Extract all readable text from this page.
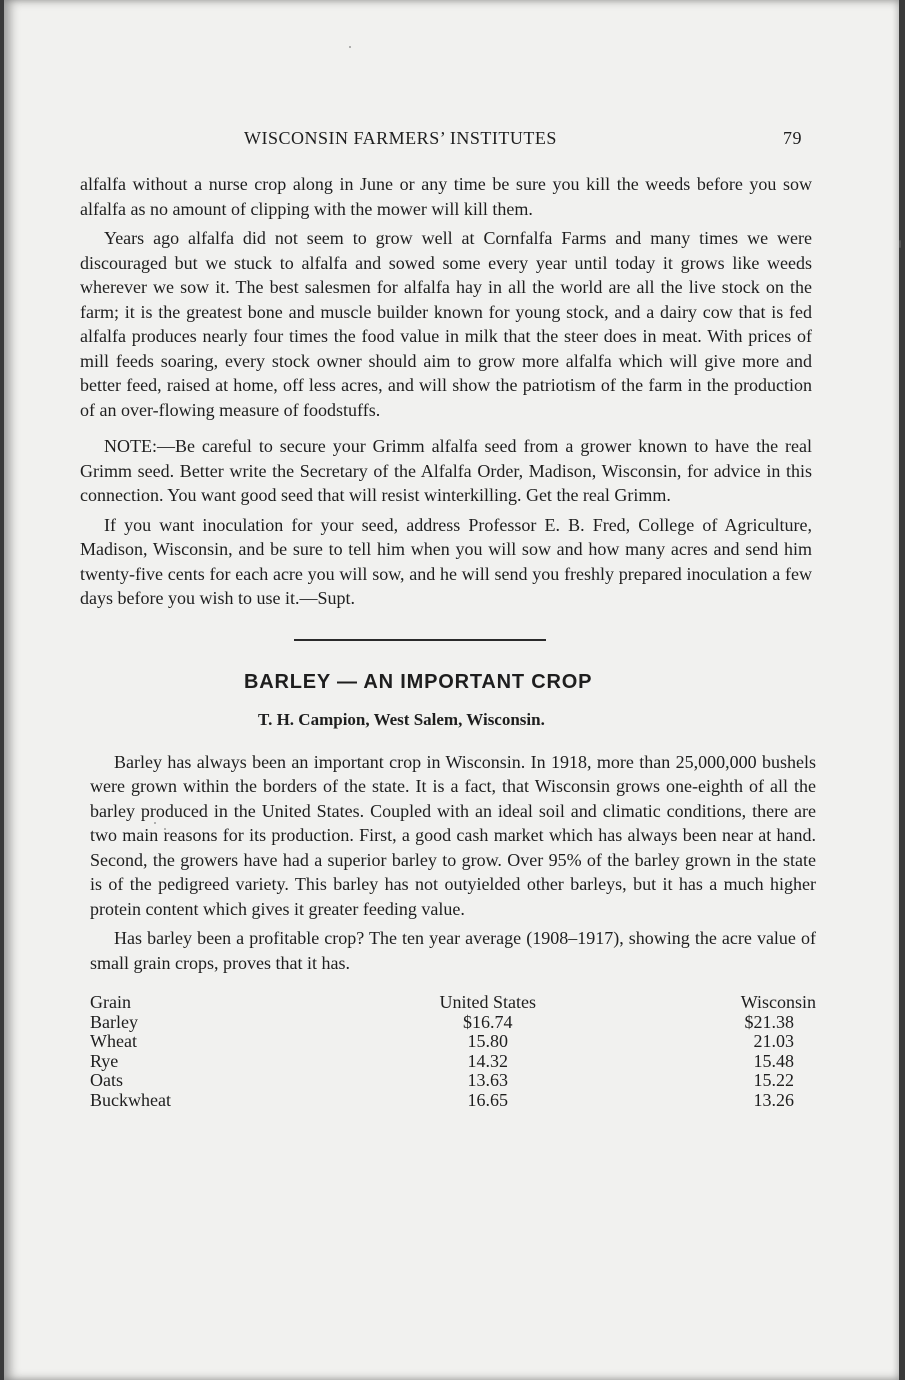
WISCONSIN FARMERS’ INSTITUTES	79

alfalfa without a nurse crop along in June or any time be sure you kill the weeds before you sow alfalfa as no amount of clipping with the mower will kill them.

Years ago alfalfa did not seem to grow well at Cornfalfa Farms and many times we were discouraged but we stuck to alfalfa and sowed some every year until today it grows like weeds wherever we sow it. The best salesmen for alfalfa hay in all the world are all the live stock on the farm; it is the greatest bone and muscle builder known for young stock, and a dairy cow that is fed alfalfa produces nearly four times the food value in milk that the steer does in meat. With prices of mill feeds soaring, every stock owner should aim to grow more alfalfa which will give more and better feed, raised at home, off less acres, and will show the patriotism of the farm in the production of an over-flowing measure of foodstuffs.

NOTE:—Be careful to secure your Grimm alfalfa seed from a grower known to have the real Grimm seed. Better write the Secretary of the Alfalfa Order, Madison, Wisconsin, for advice in this connection. You want good seed that will resist winterkilling. Get the real Grimm.

If you want inoculation for your seed, address Professor E. B. Fred, College of Agriculture, Madison, Wisconsin, and be sure to tell him when you will sow and how many acres and send him twenty-five cents for each acre you will sow, and he will send you freshly prepared inoculation a few days before you wish to use it.—Supt.

BARLEY — AN IMPORTANT CROP
T. H. Campion, West Salem, Wisconsin.

Barley has always been an important crop in Wisconsin. In 1918, more than 25,000,000 bushels were grown within the borders of the state. It is a fact, that Wisconsin grows one-eighth of all the barley produced in the United States. Coupled with an ideal soil and climatic conditions, there are two main reasons for its production. First, a good cash market which has always been near at hand. Second, the growers have had a superior barley to grow. Over 95% of the barley grown in the state is of the pedigreed variety. This barley has not outyielded other barleys, but it has a much higher protein content which gives it greater feeding value.

Has barley been a profitable crop? The ten year average (1908–1917), showing the acre value of small grain crops, proves that it has.

Grain	United States	Wisconsin
Barley	$16.74	$21.38
Wheat	15.80	21.03
Rye	14.32	15.48
Oats	13.63	15.22
Buckwheat	16.65	13.26
